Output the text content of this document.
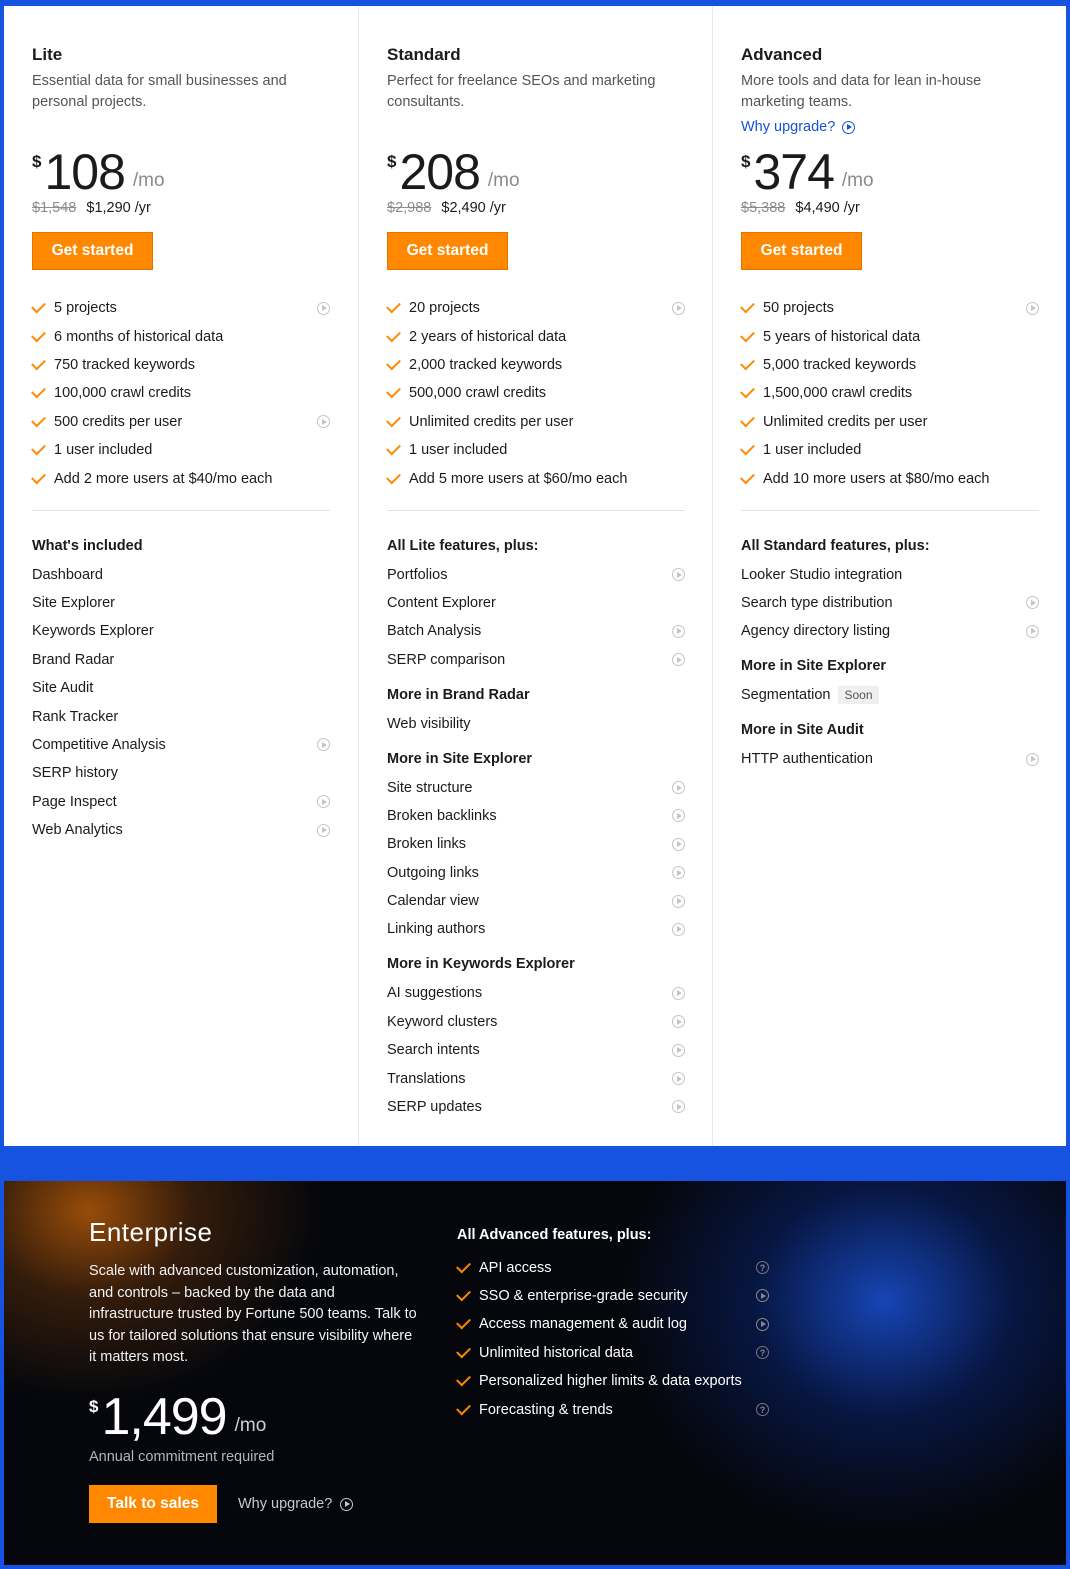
Lite
Essential data for small businesses and personal projects.
$ 108 /mo
$1,548 $1,290 /yr
Get started
5 projects
6 months of historical data
750 tracked keywords
100,000 crawl credits
500 credits per user
1 user included
Add 2 more users at $40/mo each
What's included
Dashboard
Site Explorer
Keywords Explorer
Brand Radar
Site Audit
Rank Tracker
Competitive Analysis
SERP history
Page Inspect
Web Analytics
Standard
Perfect for freelance SEOs and marketing consultants.
$ 208 /mo
$2,988 $2,490 /yr
Get started
20 projects
2 years of historical data
2,000 tracked keywords
500,000 crawl credits
Unlimited credits per user
1 user included
Add 5 more users at $60/mo each
All Lite features, plus:
Portfolios
Content Explorer
Batch Analysis
SERP comparison
More in Brand Radar
Web visibility
More in Site Explorer
Site structure
Broken backlinks
Broken links
Outgoing links
Calendar view
Linking authors
More in Keywords Explorer
AI suggestions
Keyword clusters
Search intents
Translations
SERP updates
Advanced
More tools and data for lean in-house marketing teams.
Why upgrade?
$ 374 /mo
$5,388 $4,490 /yr
Get started
50 projects
5 years of historical data
5,000 tracked keywords
1,500,000 crawl credits
Unlimited credits per user
1 user included
Add 10 more users at $80/mo each
All Standard features, plus:
Looker Studio integration
Search type distribution
Agency directory listing
More in Site Explorer
Segmentation	Soon
More in Site Audit
HTTP authentication
Enterprise
Scale with advanced customization, automation, and controls – backed by the data and infrastructure trusted by Fortune 500 teams. Talk to us for tailored solutions that ensure visibility where it matters most.
$ 1,499 /mo
Annual commitment required
Talk to sales	Why upgrade?
All Advanced features, plus:
API access	?
SSO & enterprise-grade security
Access management & audit log
Unlimited historical data	?
Personalized higher limits & data exports
Forecasting & trends	?
